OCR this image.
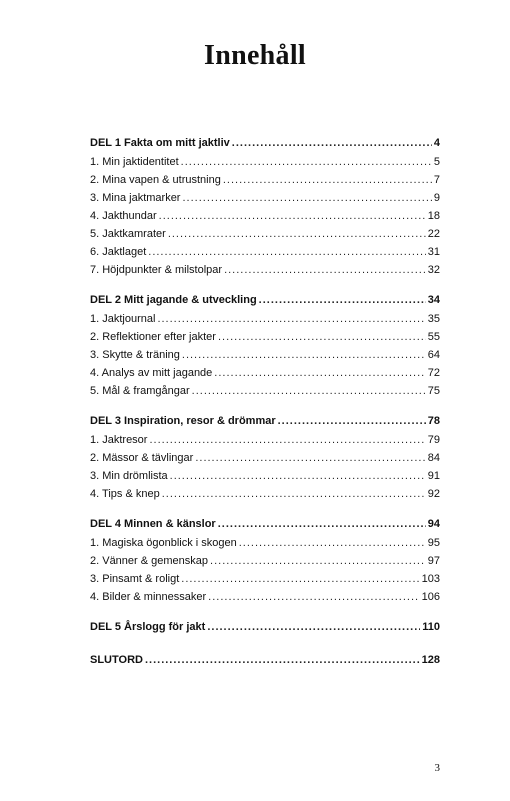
Innehåll
DEL 1 Fakta om mitt jaktliv .....	4
1. Min jaktidentitet .....	5
2. Mina vapen & utrustning .....	7
3. Mina jaktmarker .....	9
4. Jakthundar .....	18
5. Jaktkamrater .....	22
6. Jaktlaget .....	31
7. Höjdpunkter & milstolpar .....	32
DEL 2 Mitt jagande & utveckling .....	34
1. Jaktjournal .....	35
2. Reflektioner efter jakter .....	55
3. Skytte & träning .....	64
4. Analys av mitt jagande .....	72
5. Mål & framgångar .....	75
DEL 3 Inspiration, resor & drömmar .....	78
1. Jaktresor .....	79
2. Mässor & tävlingar .....	84
3. Min drömlista .....	91
4. Tips & knep .....	92
DEL 4 Minnen & känslor .....	94
1. Magiska ögonblick i skogen .....	95
2. Vänner & gemenskap .....	97
3. Pinsamt & roligt .....	103
4. Bilder & minnessaker .....	106
DEL 5 Årslogg för jakt .....	110
SLUTORD .....	128
3
